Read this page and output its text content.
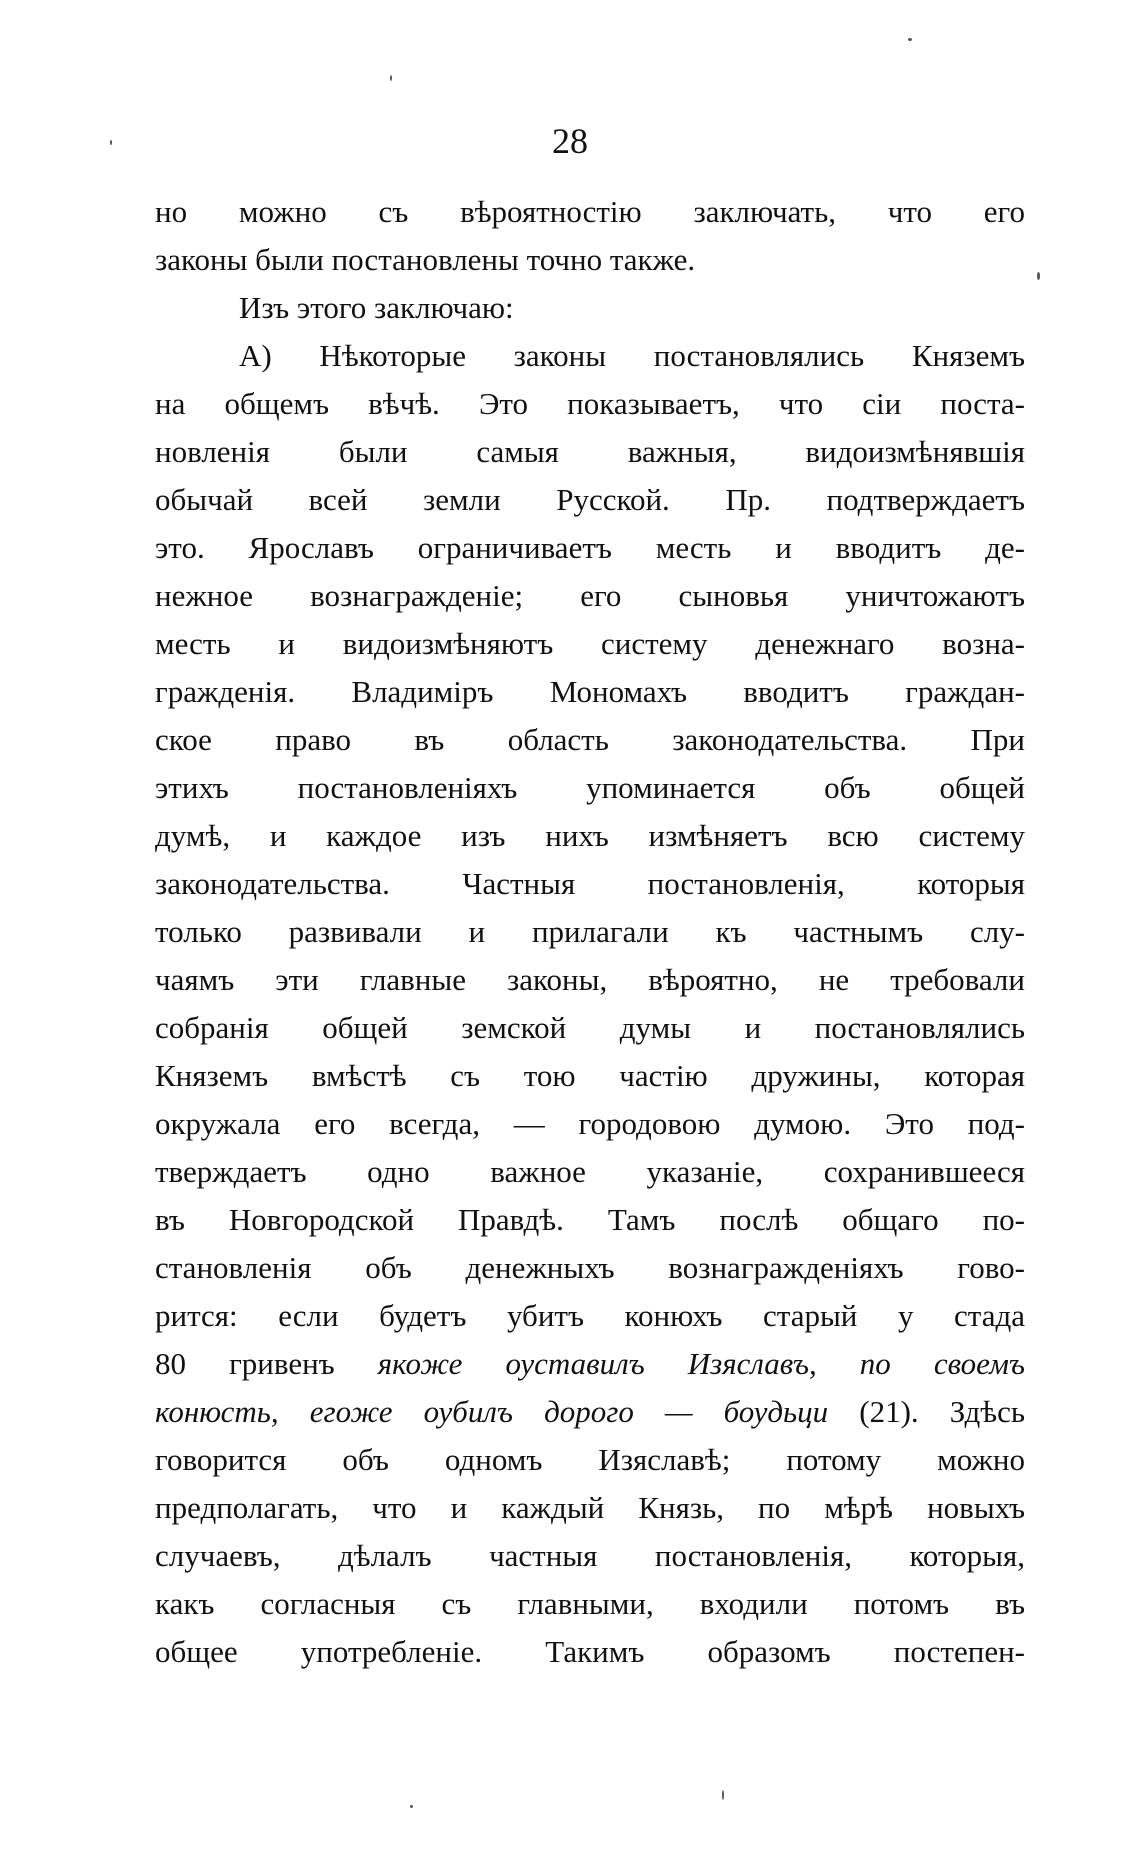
28
но можно съ вѣроятностію заключать, что его
законы были постановлены точно также.
Изъ этого заключаю:
А) Нѣкоторые законы постановлялись Княземъ
на общемъ вѣчѣ. Это показываетъ, что сіи поста-
новленія были самыя важныя, видоизмѣнявшія
обычай всей земли Русской. Пр. подтверждаетъ
это. Ярославъ ограничиваетъ месть и вводитъ де-
нежное вознагражденіе; его сыновья уничтожаютъ
месть и видоизмѣняютъ систему денежнаго возна-
гражденія. Владиміръ Мономахъ вводитъ граждан-
ское право въ область законодательства. При
этихъ постановленіяхъ упоминается объ общей
думѣ, и каждое изъ нихъ измѣняетъ всю систему
законодательства. Частныя постановленія, которыя
только развивали и прилагали къ частнымъ слу-
чаямъ эти главные законы, вѣроятно, не требовали
собранія общей земской думы и постановлялись
Княземъ вмѣстѣ съ тою частію дружины, которая
окружала его всегда, — городовою думою. Это под-
тверждаетъ одно важное указаніе, сохранившееся
въ Новгородской Правдѣ. Тамъ послѣ общаго по-
становленія объ денежныхъ вознагражденіяхъ гово-
рится: если будетъ убитъ конюхъ старый у стада
80 гривенъ якоже оуставилъ Изяславъ, по своемъ
конюсть, егоже оубилъ дорого — боудьци (21). Здѣсь
говорится объ одномъ Изяславѣ; потому можно
предполагать, что и каждый Князь, по мѣрѣ новыхъ
случаевъ, дѣлалъ частныя постановленія, которыя,
какъ согласныя съ главными, входили потомъ въ
общее употребленіе. Такимъ образомъ постепен-
